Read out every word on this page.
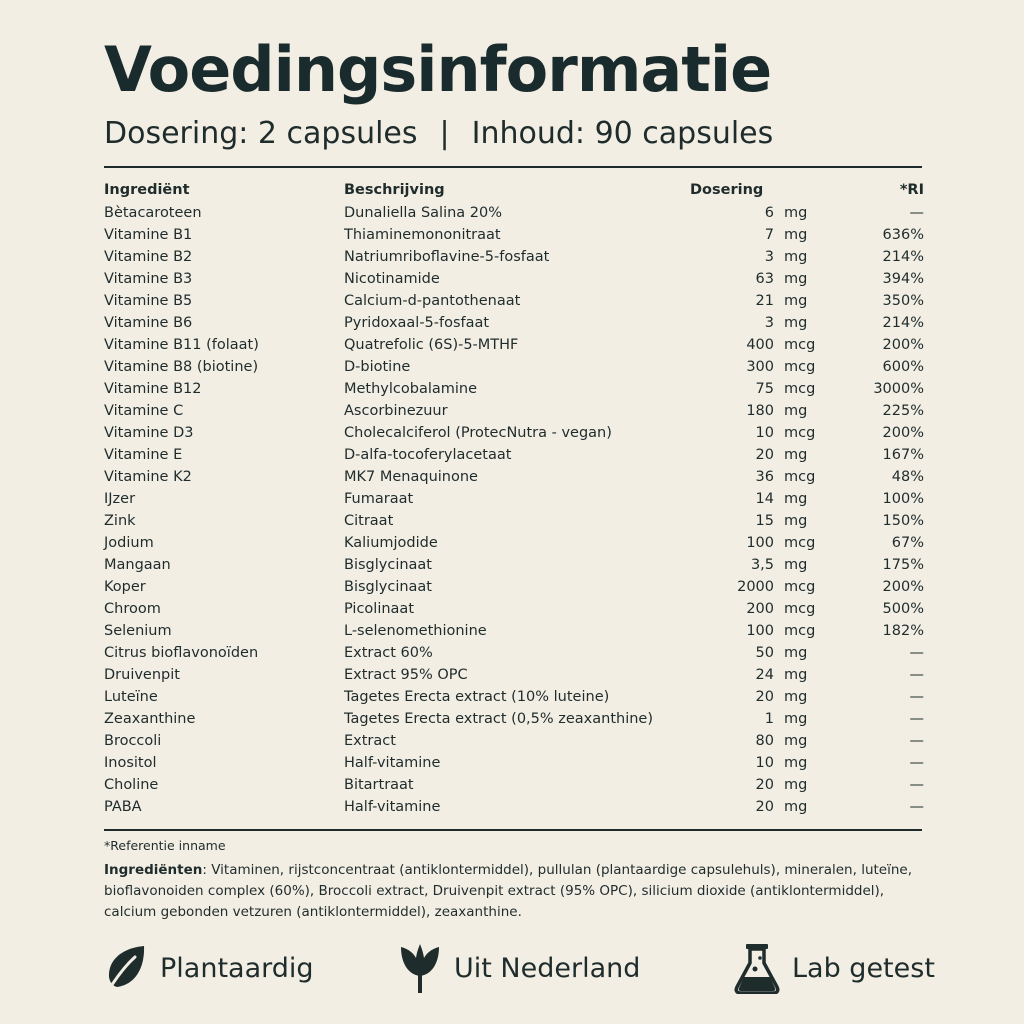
Voedingsinformatie
Dosering: 2 capsules | Inhoud: 90 capsules
Ingrediënt	Beschrijving	Dosering	*RI
Bètacaroteen	Dunaliella Salina 20%	6 mg	—
Vitamine B1	Thiaminemononitraat	7 mg	636%
Vitamine B2	Natriumriboflavine-5-fosfaat	3 mg	214%
Vitamine B3	Nicotinamide	63 mg	394%
Vitamine B5	Calcium-d-pantothenaat	21 mg	350%
Vitamine B6	Pyridoxaal-5-fosfaat	3 mg	214%
Vitamine B11 (folaat)	Quatrefolic (6S)-5-MTHF	400 mcg	200%
Vitamine B8 (biotine)	D-biotine	300 mcg	600%
Vitamine B12	Methylcobalamine	75 mcg	3000%
Vitamine C	Ascorbinezuur	180 mg	225%
Vitamine D3	Cholecalciferol (ProtecNutra - vegan)	10 mcg	200%
Vitamine E	D-alfa-tocoferylacetaat	20 mg	167%
Vitamine K2	MK7 Menaquinone	36 mcg	48%
IJzer	Fumaraat	14 mg	100%
Zink	Citraat	15 mg	150%
Jodium	Kaliumjodide	100 mcg	67%
Mangaan	Bisglycinaat	3,5 mg	175%
Koper	Bisglycinaat	2000 mcg	200%
Chroom	Picolinaat	200 mcg	500%
Selenium	L-selenomethionine	100 mcg	182%
Citrus bioflavonoïden	Extract 60%	50 mg	—
Druivenpit	Extract 95% OPC	24 mg	—
Luteïne	Tagetes Erecta extract (10% luteine)	20 mg	—
Zeaxanthine	Tagetes Erecta extract (0,5% zeaxanthine)	1 mg	—
Broccoli	Extract	80 mg	—
Inositol	Half-vitamine	10 mg	—
Choline	Bitartraat	20 mg	—
PABA	Half-vitamine	20 mg	—
*Referentie inname
Ingrediënten: Vitaminen, rijstconcentraat (antiklontermiddel), pullulan (plantaardige capsulehuls), mineralen, luteïne, bioflavonoiden complex (60%), Broccoli extract, Druivenpit extract (95% OPC), silicium dioxide (antiklontermiddel), calcium gebonden vetzuren (antiklontermiddel), zeaxanthine.
Plantaardig	Uit Nederland	Lab getest
